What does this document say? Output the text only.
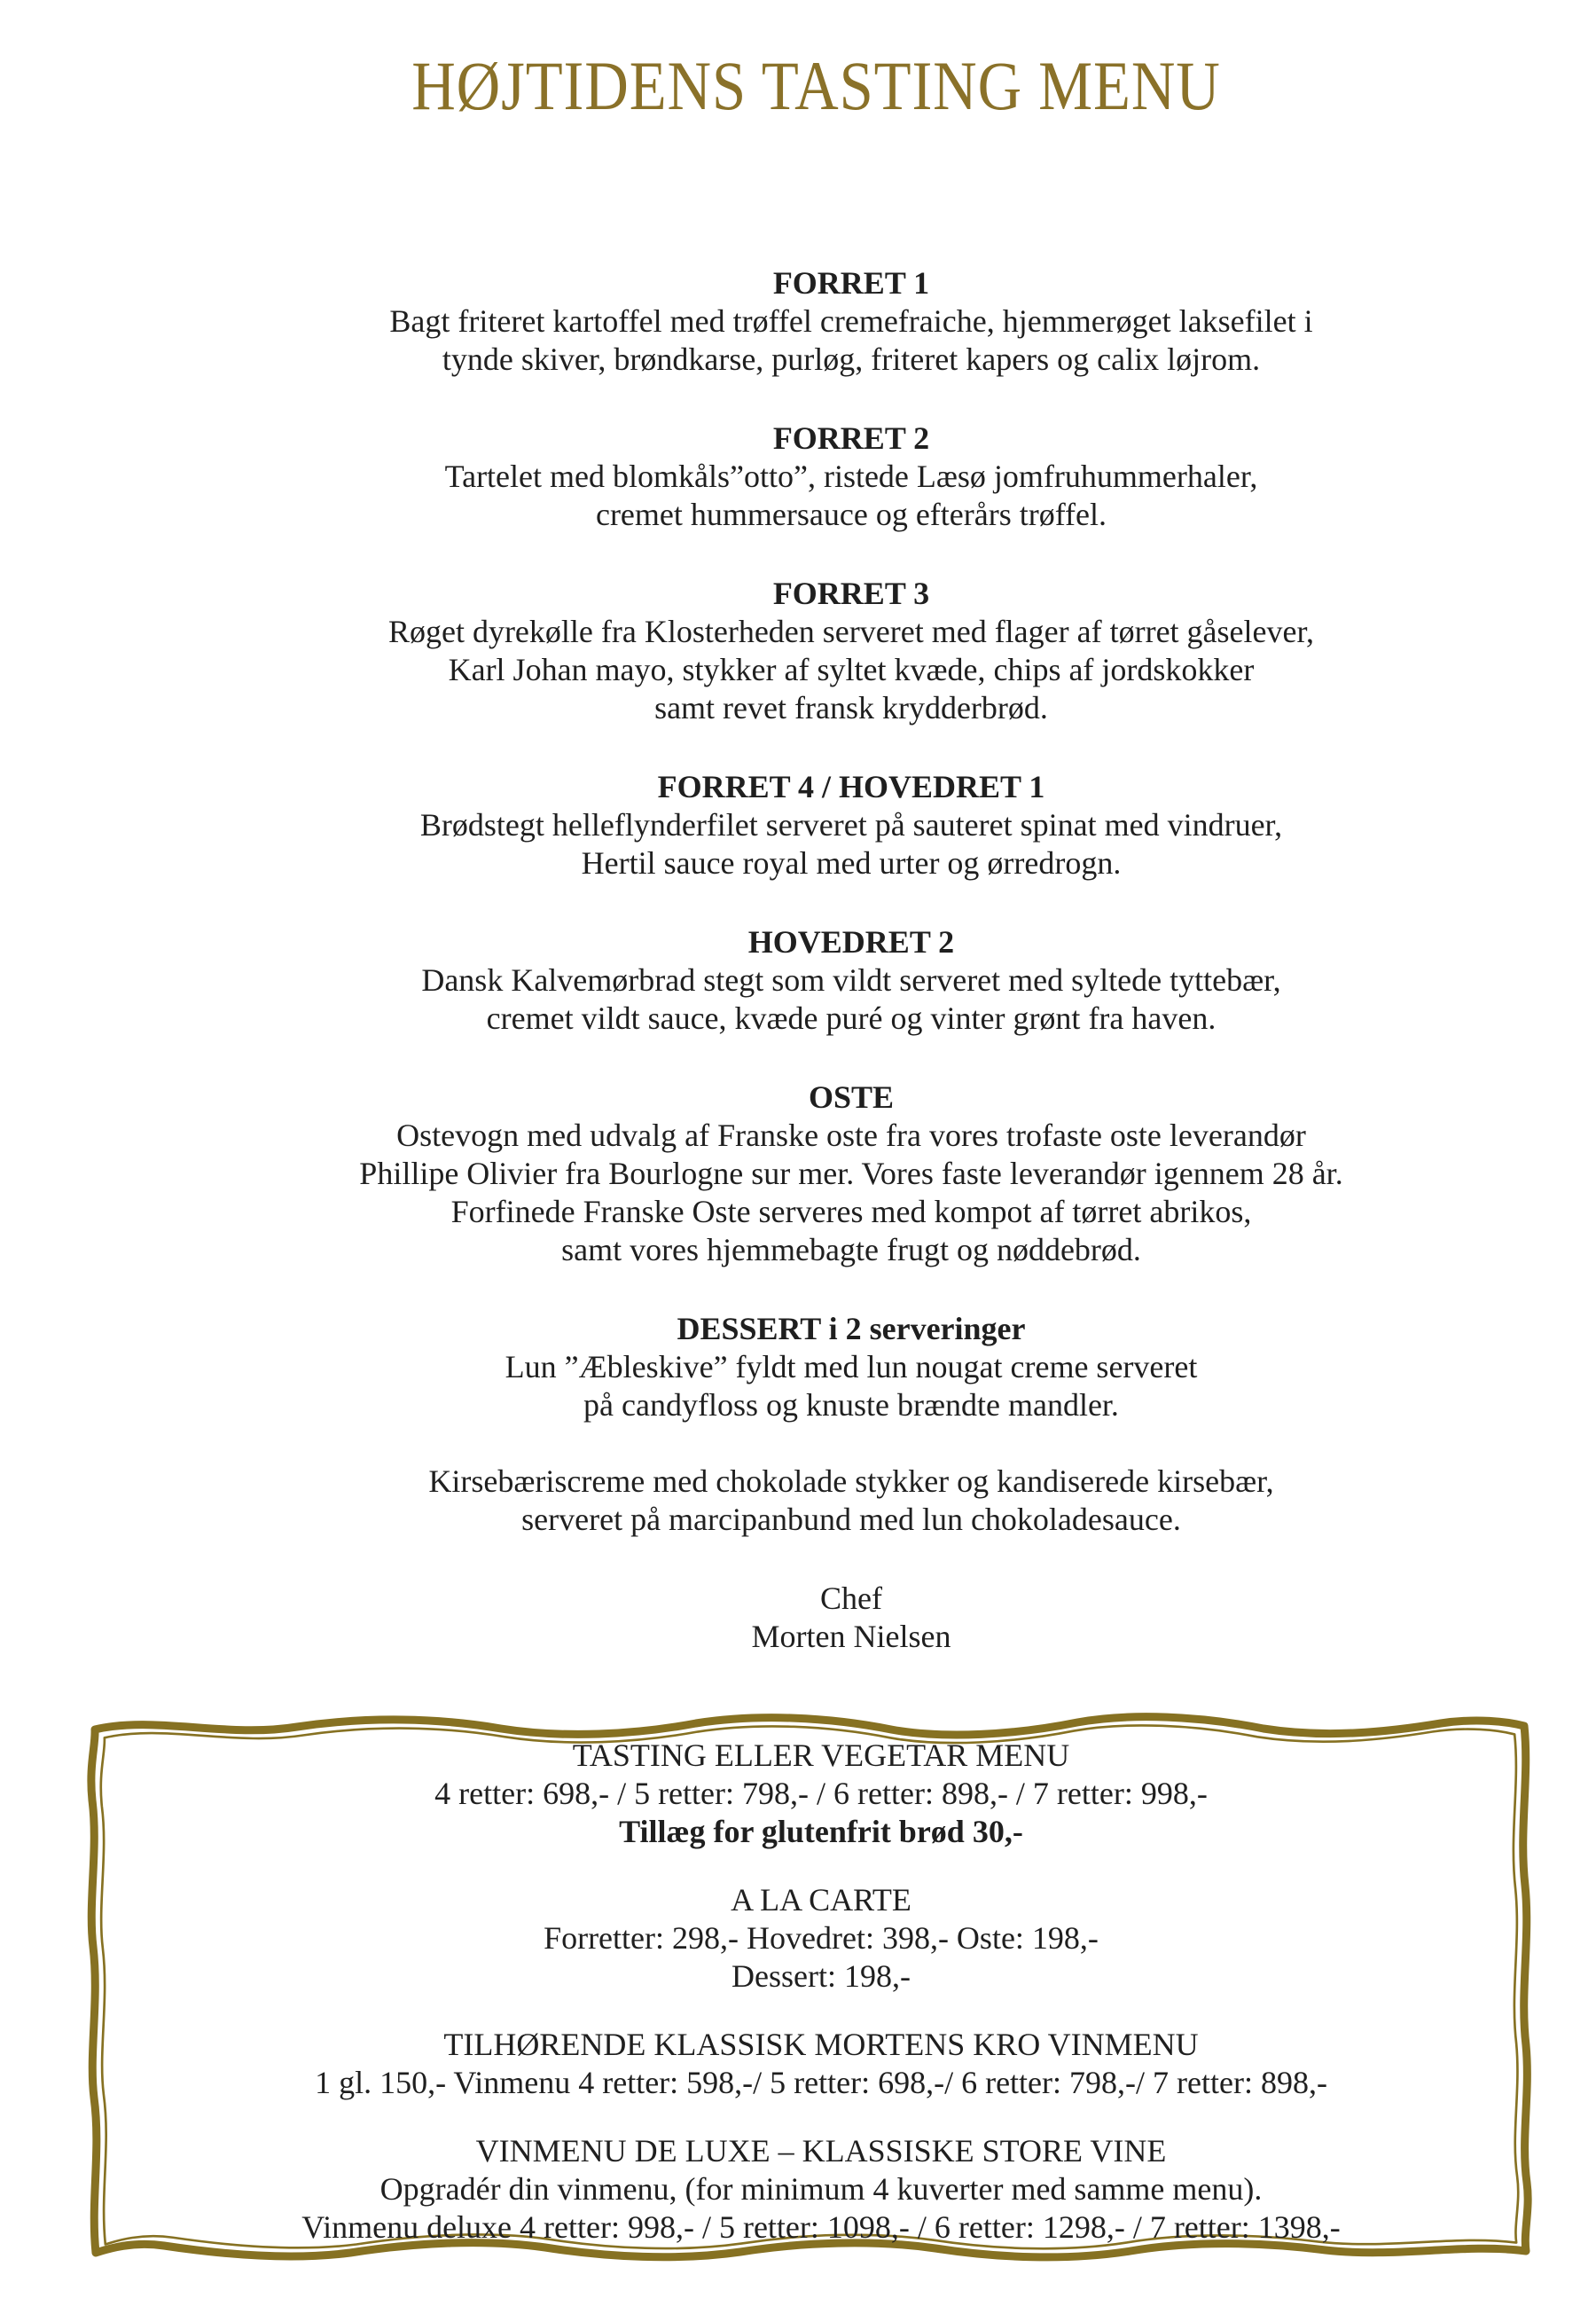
HØJTIDENS TASTING MENU
FORRET 1
Bagt friteret kartoffel med trøffel cremefraiche, hjemmerøget laksefilet i
tynde skiver, brøndkarse, purløg, friteret kapers og calix løjrom.
FORRET 2
Tartelet med blomkåls”otto”, ristede Læsø jomfruhummerhaler,
cremet hummersauce og efterårs trøffel.
FORRET 3
Røget dyrekølle fra Klosterheden serveret med flager af tørret gåselever,
Karl Johan mayo, stykker af syltet kvæde, chips af jordskokker
samt revet fransk krydderbrød.
FORRET 4 / HOVEDRET 1
Brødstegt helleflynderfilet serveret på sauteret spinat med vindruer,
Hertil sauce royal med urter og ørredrogn.
HOVEDRET 2
Dansk Kalvemørbrad stegt som vildt serveret med syltede tyttebær,
cremet vildt sauce, kvæde puré og vinter grønt fra haven.
OSTE
Ostevogn med udvalg af Franske oste fra vores trofaste oste leverandør
Phillipe Olivier fra Bourlogne sur mer. Vores faste leverandør igennem 28 år.
Forfinede Franske Oste serveres med kompot af tørret abrikos,
samt vores hjemmebagte frugt og nøddebrød.
DESSERT i 2 serveringer
Lun ”Æbleskive” fyldt med lun nougat creme serveret
på candyfloss og knuste brændte mandler.

Kirsebæriscreme med chokolade stykker og kandiserede kirsebær,
serveret på marcipanbund med lun chokoladesauce.
Chef
Morten Nielsen
TASTING ELLER VEGETAR MENU
4 retter: 698,- / 5 retter: 798,- / 6 retter: 898,- / 7 retter: 998,-
Tillæg for glutenfrit brød 30,-
A LA CARTE
Forretter: 298,- Hovedret: 398,- Oste: 198,-
Dessert: 198,-
TILHØRENDE KLASSISK MORTENS KRO VINMENU
1 gl. 150,- Vinmenu 4 retter: 598,-/ 5 retter: 698,-/ 6 retter: 798,-/ 7 retter: 898,-
VINMENU DE LUXE – KLASSISKE STORE VINE
Opgradér din vinmenu, (for minimum 4 kuverter med samme menu).
Vinmenu deluxe 4 retter: 998,- / 5 retter: 1098,- / 6 retter: 1298,- / 7 retter: 1398,-
